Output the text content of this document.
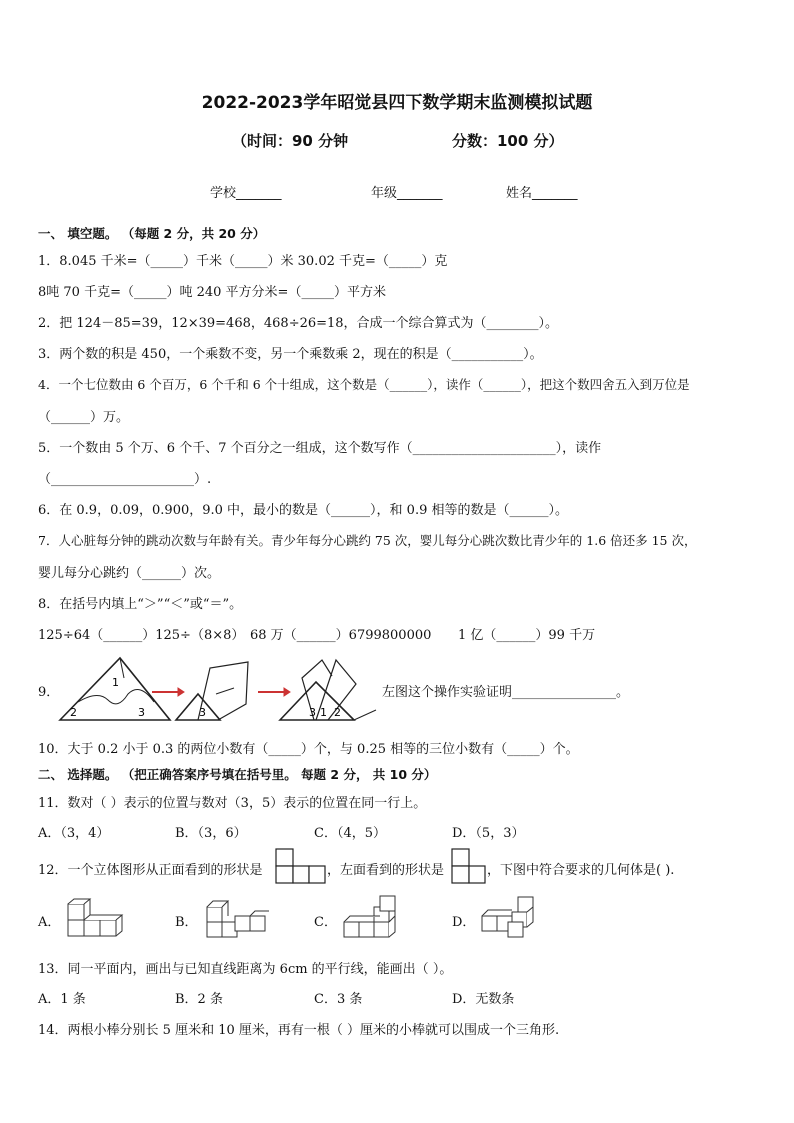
2022-2023学年昭觉县四下数学期末监测模拟试题
（时间：90 分钟	分数：100 分）
学校_______	年级_______	姓名_______
一、 填空题。 （每题 2 分，共 20 分）
1．8.045 千米=（_____）千米（_____）米 30.02 千克=（_____）克
8吨 70 千克=（_____）吨 240 平方分米=（_____）平方米
2．把 124－85=39，12×39=468，468÷26=18，合成一个综合算式为（________）。
3．两个数的积是 450，一个乘数不变，另一个乘数乘 2，现在的积是（___________）。
4．一个七位数由 6 个百万，6 个千和 6 个十组成，这个数是（______），读作（______），把这个数四舍五入到万位是
（______）万。
5．一个数由 5 个万、6 个千、7 个百分之一组成，这个数写作（______________________），读作
（______________________）.
6．在 0.9，0.09，0.900，9.0 中，最小的数是（______），和 0.9 相等的数是（______）。
7．人心脏每分钟的跳动次数与年龄有关。青少年每分心跳约 75 次，婴儿每分心跳次数比青少年的 1.6 倍还多 15 次，
婴儿每分心跳约（______）次。
8．在括号内填上“＞”“＜”或“＝”。
125÷64（______）125÷（8×8） 68 万（______）6799800000 1 亿（______）99 千万
9．
1
2	3	3	3 1 2
左图这个操作实验证明________________。
10．大于 0.2 小于 0.3 的两位小数有（_____）个，与 0.25 相等的三位小数有（_____）个。
二、 选择题。 （把正确答案序号填在括号里。 每题 2 分， 共 10 分）
11．数对（ ）表示的位置与数对（3，5）表示的位置在同一行上。
A．（3，4）	B．（3，6）	C．（4，5）	D．（5，3）
12．一个立体图形从正面看到的形状是	，左面看到的形状是	，下图中符合要求的几何体是( ).
A．	B．	C．	D．
13．同一平面内，画出与已知直线距离为 6cm 的平行线，能画出（ ）。
A．1 条	B．2 条	C．3 条	D．无数条
14．两根小棒分别长 5 厘米和 10 厘米，再有一根（ ）厘米的小棒就可以围成一个三角形.
